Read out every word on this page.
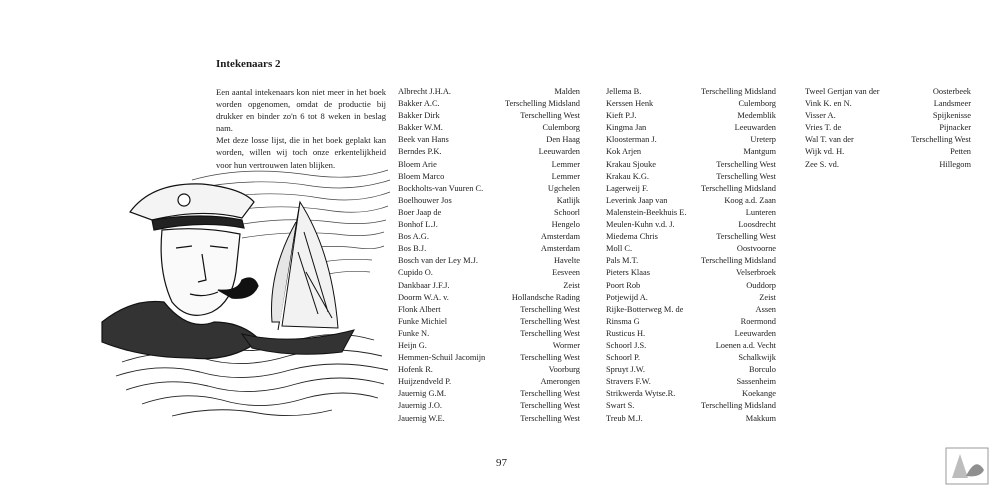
Intekenaars 2

Een aantal intekenaars kon niet meer in het boek worden opgenomen, omdat de productie bij drukker en binder zo'n 6 tot 8 weken in beslag nam.

Met deze losse lijst, die in het boek geplakt kan worden, willen wij toch onze erkentelijkheid voor hun vertrouwen laten blijken.

Albrecht J.H.A.	Malden
Bakker A.C.	Terschelling Midsland
Bakker Dirk	Terschelling West
Bakker W.M.	Culemborg
Beek van Hans	Den Haag
Berndes P.K.	Leeuwarden
Bloem Arie	Lemmer
Bloem Marco	Lemmer
Bockholts-van Vuuren C.	Ugchelen
Boelhouwer Jos	Katlijk
Boer Jaap de	Schoorl
Bonhof L.J.	Hengelo
Bos A.G.	Amsterdam
Bos B.J.	Amsterdam
Bosch van der Ley M.J.	Havelte
Cupido O.	Eesveen
Dankbaar J.F.J.	Zeist
Doorm W.A. v.	Hollandsche Rading
Flonk Albert	Terschelling West
Funke Michiel	Terschelling West
Funke N.	Terschelling West
Heijn G.	Wormer
Hemmen-Schuil Jacomijn	Terschelling West
Hofenk R.	Voorburg
Huijzendveld P.	Amerongen
Jauernig G.M.	Terschelling West
Jauernig J.O.	Terschelling West
Jauernig W.E.	Terschelling West
Jellema B.	Terschelling Midsland
Kerssen Henk	Culemborg
Kieft P.J.	Medemblik
Kingma Jan	Leeuwarden
Kloosterman J.	Ureterp
Kok Arjen	Mantgum
Krakau Sjouke	Terschelling West
Krakau K.G.	Terschelling West
Lagerweij F.	Terschelling Midsland
Leverink Jaap van	Koog a.d. Zaan
Malenstein-Beekhuis E.	Lunteren
Meulen-Kuhn v.d. J.	Loosdrecht
Miedema Chris	Terschelling West
Moll C.	Oostvoorne
Pals M.T.	Terschelling Midsland
Pieters Klaas	Velserbroek
Poort Rob	Ouddorp
Potjewijd A.	Zeist
Rijke-Botterweg M. de	Assen
Rinsma G	Roermond
Rusticus H.	Leeuwarden
Schoorl J.S.	Loenen a.d. Vecht
Schoorl P.	Schalkwijk
Spruyt J.W.	Borculo
Stravers F.W.	Sassenheim
Strikwerda Wytse.R.	Koekange
Swart S.	Terschelling Midsland
Treub M.J.	Makkum
Tweel Gertjan van der	Oosterbeek
Vink K. en N.	Landsmeer
Visser A.	Spijkenisse
Vries T. de	Pijnacker
Wal T. van der	Terschelling West
Wijk vd. H.	Petten
Zee S. vd.	Hillegom
97
